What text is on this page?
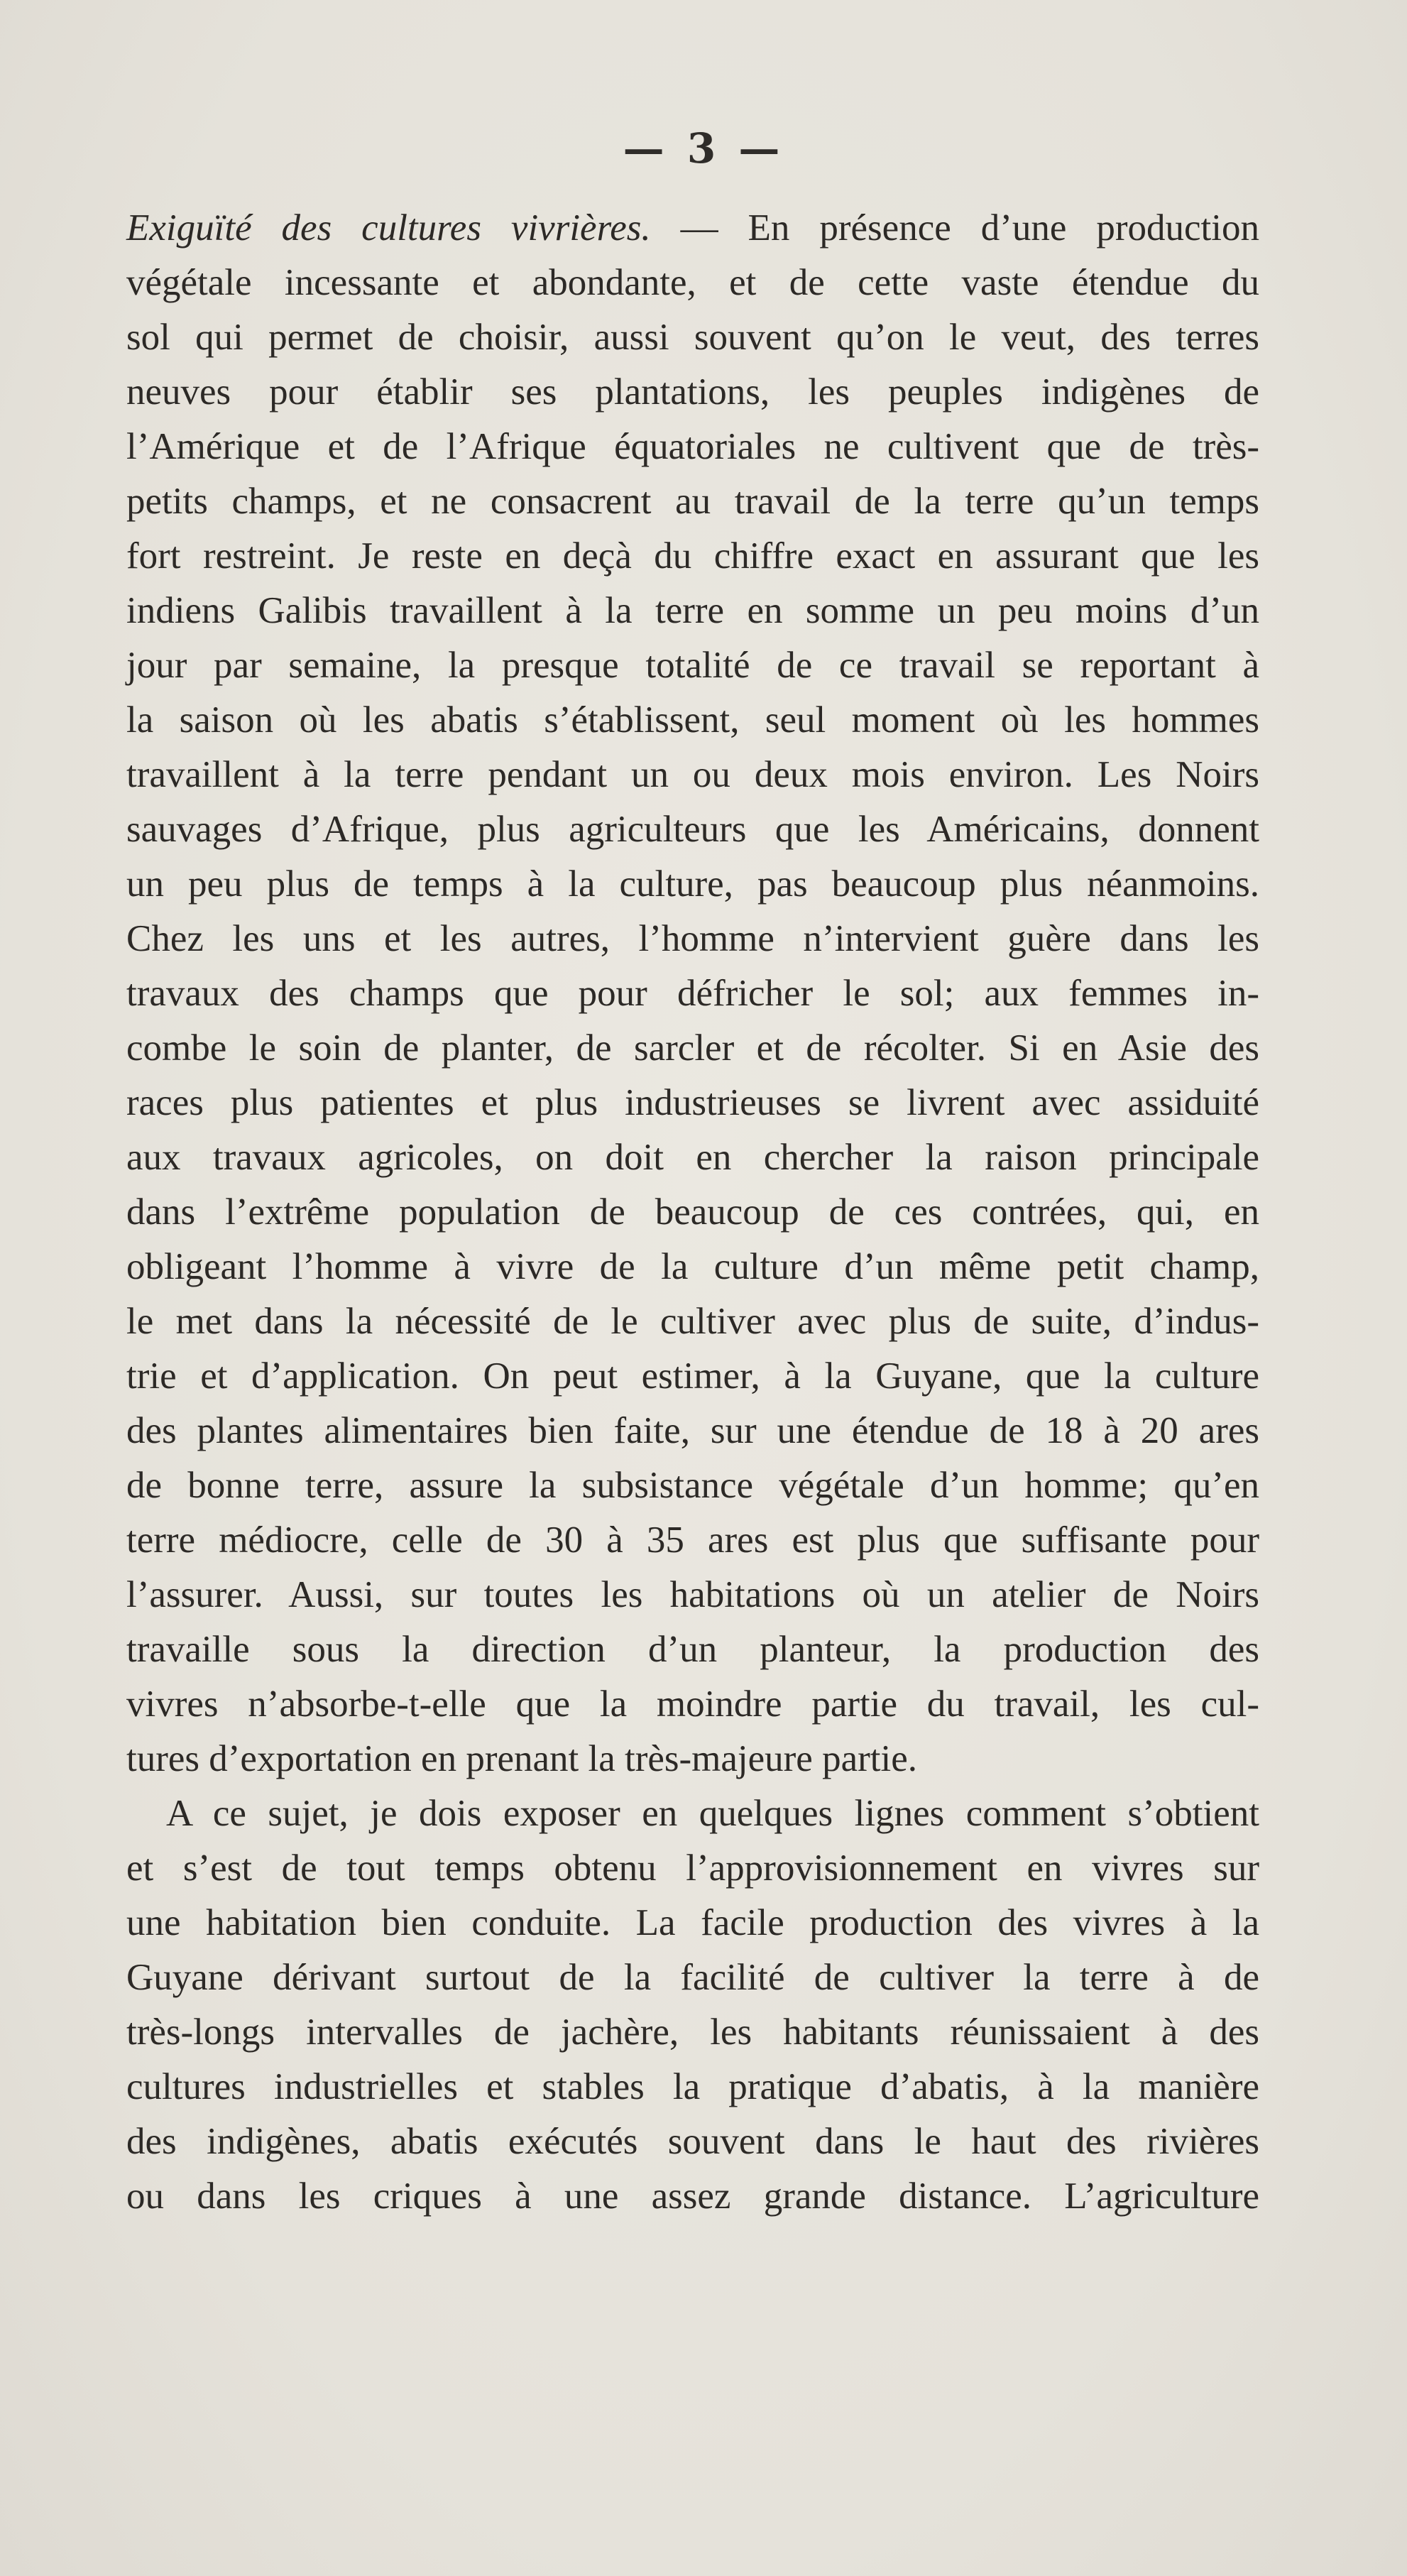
— 3 —
Exiguïté des cultures vivrières. — En présence d’une production
végétale incessante et abondante, et de cette vaste étendue du
sol qui permet de choisir, aussi souvent qu’on le veut, des terres
neuves pour établir ses plantations, les peuples indigènes de
l’Amérique et de l’Afrique équatoriales ne cultivent que de très-
petits champs, et ne consacrent au travail de la terre qu’un temps
fort restreint. Je reste en deçà du chiffre exact en assurant que les
indiens Galibis travaillent à la terre en somme un peu moins d’un
jour par semaine, la presque totalité de ce travail se reportant à
la saison où les abatis s’établissent, seul moment où les hommes
travaillent à la terre pendant un ou deux mois environ. Les Noirs
sauvages d’Afrique, plus agriculteurs que les Américains, donnent
un peu plus de temps à la culture, pas beaucoup plus néanmoins.
Chez les uns et les autres, l’homme n’intervient guère dans les
travaux des champs que pour défricher le sol; aux femmes in-
combe le soin de planter, de sarcler et de récolter. Si en Asie des
races plus patientes et plus industrieuses se livrent avec assiduité
aux travaux agricoles, on doit en chercher la raison principale
dans l’extrême population de beaucoup de ces contrées, qui, en
obligeant l’homme à vivre de la culture d’un même petit champ,
le met dans la nécessité de le cultiver avec plus de suite, d’indus-
trie et d’application. On peut estimer, à la Guyane, que la culture
des plantes alimentaires bien faite, sur une étendue de 18 à 20 ares
de bonne terre, assure la subsistance végétale d’un homme; qu’en
terre médiocre, celle de 30 à 35 ares est plus que suffisante pour
l’assurer. Aussi, sur toutes les habitations où un atelier de Noirs
travaille sous la direction d’un planteur, la production des
vivres n’absorbe-t-elle que la moindre partie du travail, les cul-
tures d’exportation en prenant la très-majeure partie.
A ce sujet, je dois exposer en quelques lignes comment s’obtient
et s’est de tout temps obtenu l’approvisionnement en vivres sur
une habitation bien conduite. La facile production des vivres à la
Guyane dérivant surtout de la facilité de cultiver la terre à de
très-longs intervalles de jachère, les habitants réunissaient à des
cultures industrielles et stables la pratique d’abatis, à la manière
des indigènes, abatis exécutés souvent dans le haut des rivières
ou dans les criques à une assez grande distance. L’agriculture
